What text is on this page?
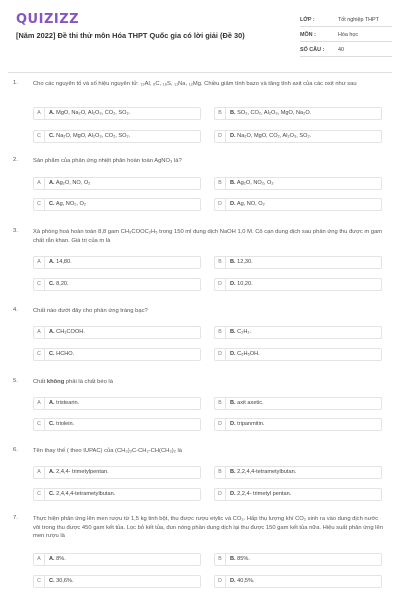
QUIZIZZ
[Năm 2022] Đề thi thử môn Hóa THPT Quốc gia có lời giải (Đề 30)
LỚP :	Tốt nghiệp THPT
MÔN :	Hóa học
SỐ CÂU :	40
1.	Cho các nguyên tố và số hiệu nguyên tử: ₁₃Al, ₆C, ₁₆S, ₁₁Na, ₁₂Mg. Chiều giảm tính bazo và tăng tính axit của các oxit như sau
A	A. MgO, Na₂O, Al₂O₃, CO₂, SO₂.	B	B. SO₂, CO₂, Al₂O₃, MgO, Na₂O.
C	C. Na₂O, MgO, Al₂O₃, CO₂, SO₂.	D	D. Na₂O, MgO, CO₂, Al₂O₃, SO₂.
2.	Sản phẩm của phản ứng nhiệt phân hoàn toàn AgNO₃ là?
A	A. Ag₂O, NO, O₂	B	B. Ag₂O, NO₂, O₂
C	C. Ag, NO₂, O₂	D	D. Ag, NO, O₂
3.	Xà phòng hoá hoàn toàn 8,8 gam CH₃COOC₂H₅ trong 150 ml dung dịch NaOH 1,0 M. Cô cạn dung dịch sau phản ứng thu được m gam chất rắn khan. Giá trị của m là
A	A. 14,80.	B	B. 12,30.
C	C. 8,20.	D	D. 10,20.
4.	Chất nào dưới đây cho phản ứng tráng bạc?
A	A. CH₃COOH.	B	B. C₂H₂.
C	C. HCHO.	D	D. C₆H₅OH.
5.	Chất không phải là chất béo là
A	A. tristearin.	B	B. axit axetic.
C	C. triolein.	D	D. tripanmitin.
6.	Tên thay thế ( theo IUPAC) của (CH₃)₃C-CH₂-CH(CH₃)₂ là
A	A. 2,4,4- trimetylpentan.	B	B. 2,2,4,4-tetrametylbutan.
C	C. 2,4,4,4-tetrametylbutan.	D	D. 2,2,4- trimetyl pentan.
7.	Thực hiện phản ứng lên men rượu từ 1,5 kg tinh bột, thu được rượu etylic và CO₂. Hấp thụ lượng khí CO₂ sinh ra vào dung dịch nước vôi trong thu được 450 gam kết tủa. Lọc bỏ kết tủa, đun nóng phần dung dịch lại thu được 150 gam kết tủa nữa. Hiệu suất phản ứng lên men rượu là
A	A. 8%.	B	B. 85%.
C	C. 30,6%.	D	D. 40,5%.
